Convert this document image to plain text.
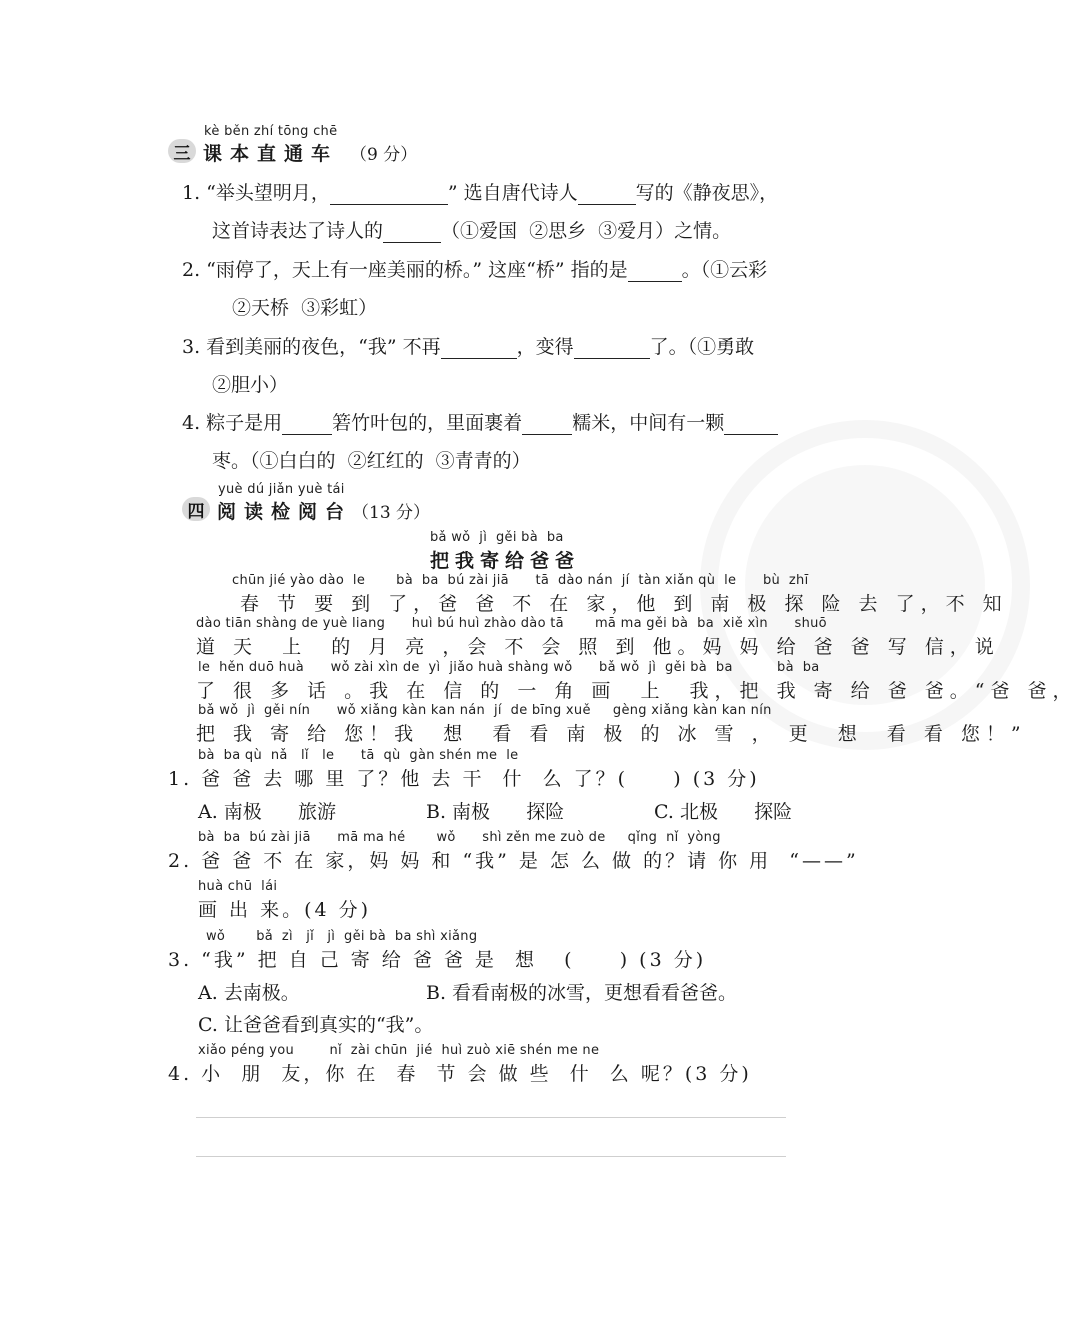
kè běn zhí tōng chē
三 课本直通车 （9 分）
1. “举头望明月，	” 选自唐代诗人	写的《静夜思》，
这首诗表达了诗人的	（①爱国  ②思乡  ③爱月）之情。
2. “雨停了，天上有一座美丽的桥。” 这座“桥” 指的是	。（①云彩
②天桥  ③彩虹）
3. 看到美丽的夜色，“我” 不再	，变得	了。（①勇敢
②胆小）
4. 粽子是用	箬竹叶包的，里面裹着	糯米，中间有一颗
枣。（①白白的  ②红红的  ③青青的）
yuè dú jiǎn yuè tái
四 阅读检阅台 （13 分）
bǎ wǒ  jì  gěi bà  ba
把我寄给爸爸
chūn jié yào dào  le       bà  ba  bú zài jiā      tā  dào nán  jí  tàn xiǎn qù  le      bù  zhī
春 节 要 到 了，爸 爸 不 在 家，他 到 南 极 探 险 去 了，不 知
dào tiān shàng de yuè liang      huì bú huì zhào dào tā       mā ma gěi bà  ba  xiě xìn      shuō
道 天  上  的 月 亮 ，会 不 会 照 到 他。妈 妈 给 爸 爸 写 信，说
le  hěn duō huà      wǒ zài xìn de  yì  jiǎo huà shàng wǒ      bǎ wǒ  jì  gěi bà  ba          bà  ba
了 很 多 话 。我 在 信 的 一 角 画  上  我，把 我 寄 给 爸 爸。“爸 爸，
bǎ wǒ  jì  gěi nín      wǒ xiǎng kàn kan nán  jí  de bīng xuě     gèng xiǎng kàn kan nín
把 我 寄 给 您！我  想  看 看 南 极 的 冰 雪 ， 更  想  看 看 您！”
bà  ba qù  nǎ   lǐ   le      tā  qù  gàn shén me  le
1. 爸 爸 去 哪 里 了？他 去 干  什  么 了？(     ) (3 分)
A. 南极      旅游	B. 南极      探险	C. 北极      探险
bà  ba  bú zài jiā      mā ma hé       wǒ      shì zěn me zuò de     qǐng  nǐ  yòng
2. 爸 爸 不 在 家，妈 妈 和 “我” 是 怎 么 做 的？请 你 用  “——”
huà chū  lái
画 出 来。(4 分)
wǒ       bǎ  zì   jǐ   jì  gěi bà  ba shì xiǎng
3. “我” 把 自 己 寄 给 爸 爸 是  想   (     ) (3 分)
A. 去南极。	B. 看看南极的冰雪，更想看看爸爸。
C. 让爸爸看到真实的“我”。
xiǎo péng you        nǐ  zài chūn  jié  huì zuò xiē shén me ne
4. 小  朋  友，你 在  春  节 会 做 些  什  么 呢？(3 分)
